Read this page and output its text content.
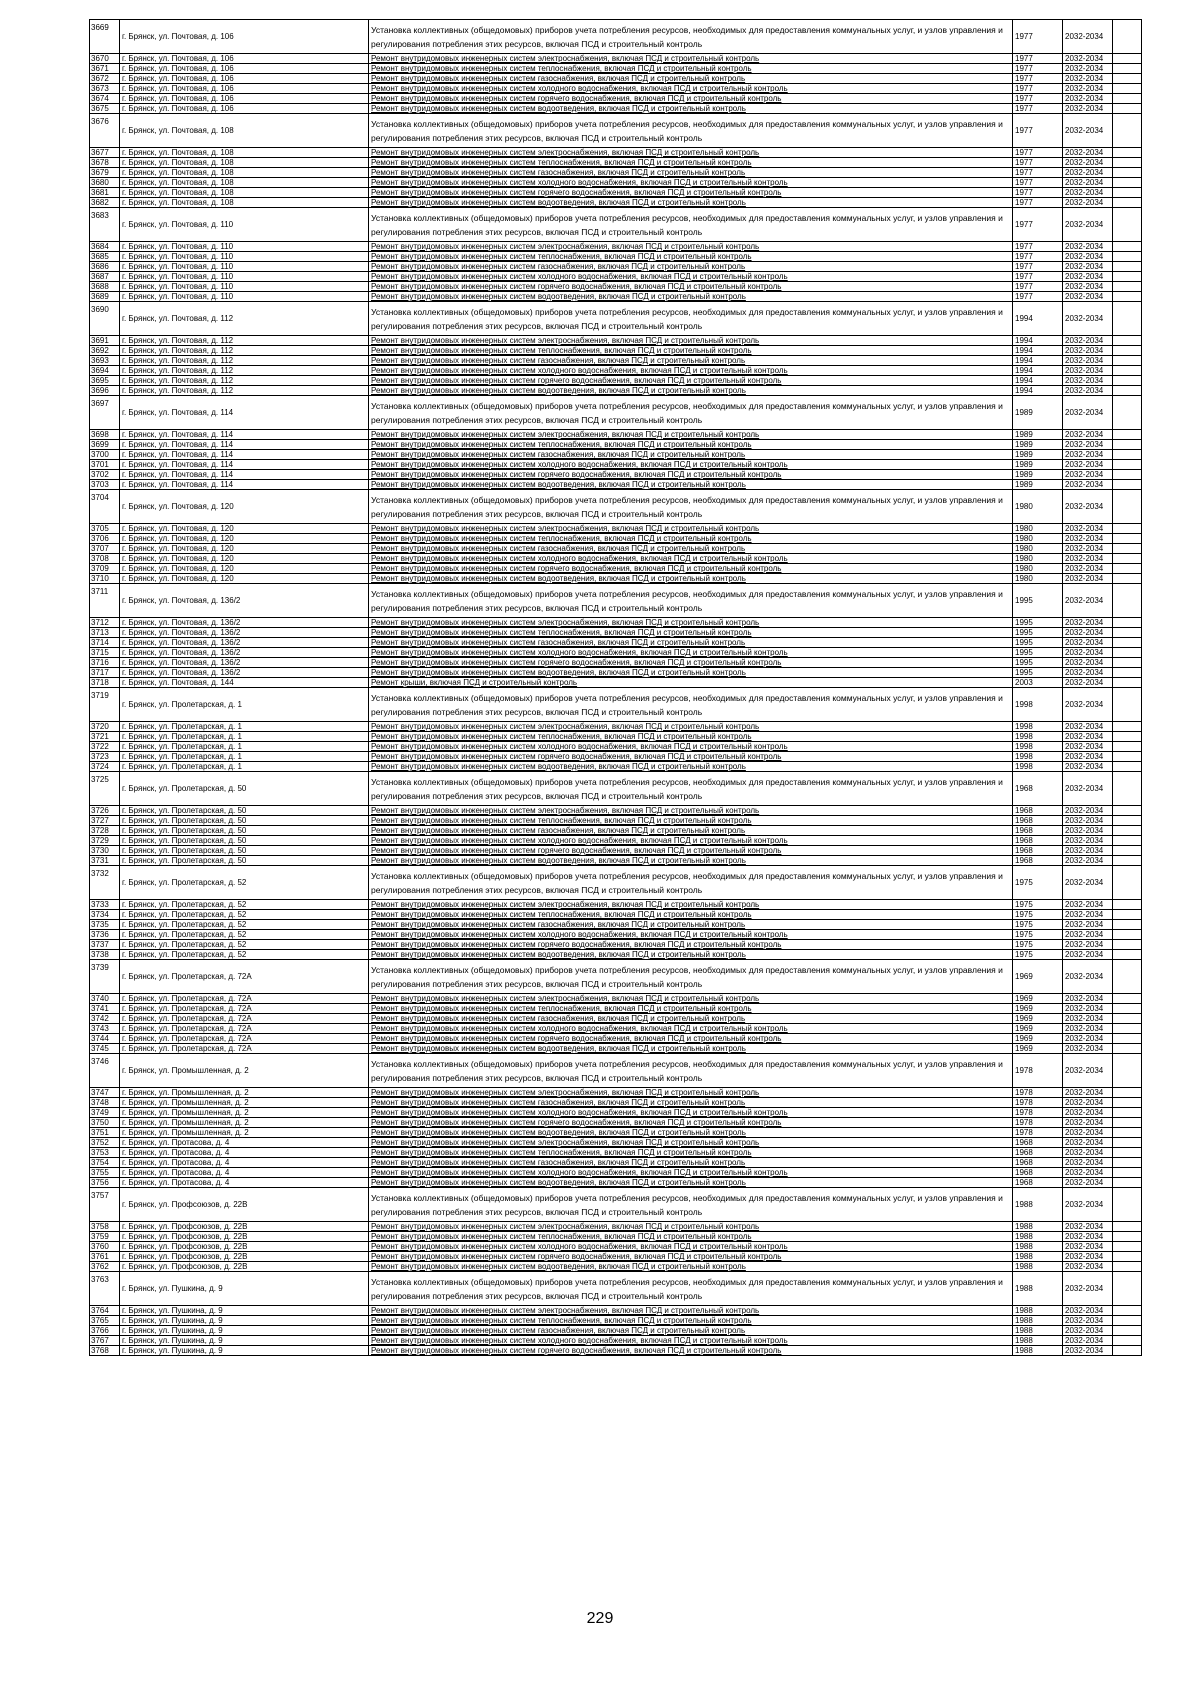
3669	г. Брянск, ул. Почтовая, д. 106	Установка коллективных (общедомовых) приборов учета потребления ресурсов, необходимых для предоставления коммунальных услуг, и узлов управления и регулирования потребления этих ресурсов, включая ПСД и строительный контроль	1977	2032-2034	
3670	г. Брянск, ул. Почтовая, д. 106	Ремонт внутридомовых инженерных систем электроснабжения, включая ПСД и строительный контроль	1977	2032-2034	
3671	г. Брянск, ул. Почтовая, д. 106	Ремонт внутридомовых инженерных систем теплоснабжения, включая ПСД и строительный контроль	1977	2032-2034	
3672	г. Брянск, ул. Почтовая, д. 106	Ремонт внутридомовых инженерных систем газоснабжения, включая ПСД и строительный контроль	1977	2032-2034	
3673	г. Брянск, ул. Почтовая, д. 106	Ремонт внутридомовых инженерных систем холодного водоснабжения, включая ПСД и строительный контроль	1977	2032-2034	
3674	г. Брянск, ул. Почтовая, д. 106	Ремонт внутридомовых инженерных систем горячего водоснабжения, включая ПСД и строительный контроль	1977	2032-2034	
3675	г. Брянск, ул. Почтовая, д. 106	Ремонт внутридомовых инженерных систем водоотведения, включая ПСД и строительный контроль	1977	2032-2034	
3676	г. Брянск, ул. Почтовая, д. 108	Установка коллективных (общедомовых) приборов учета потребления ресурсов, необходимых для предоставления коммунальных услуг, и узлов управления и регулирования потребления этих ресурсов, включая ПСД и строительный контроль	1977	2032-2034	
3677	г. Брянск, ул. Почтовая, д. 108	Ремонт внутридомовых инженерных систем электроснабжения, включая ПСД и строительный контроль	1977	2032-2034	
3678	г. Брянск, ул. Почтовая, д. 108	Ремонт внутридомовых инженерных систем теплоснабжения, включая ПСД и строительный контроль	1977	2032-2034	
3679	г. Брянск, ул. Почтовая, д. 108	Ремонт внутридомовых инженерных систем газоснабжения, включая ПСД и строительный контроль	1977	2032-2034	
3680	г. Брянск, ул. Почтовая, д. 108	Ремонт внутридомовых инженерных систем холодного водоснабжения, включая ПСД и строительный контроль	1977	2032-2034	
3681	г. Брянск, ул. Почтовая, д. 108	Ремонт внутридомовых инженерных систем горячего водоснабжения, включая ПСД и строительный контроль	1977	2032-2034	
3682	г. Брянск, ул. Почтовая, д. 108	Ремонт внутридомовых инженерных систем водоотведения, включая ПСД и строительный контроль	1977	2032-2034	
3683	г. Брянск, ул. Почтовая, д. 110	Установка коллективных (общедомовых) приборов учета потребления ресурсов, необходимых для предоставления коммунальных услуг, и узлов управления и регулирования потребления этих ресурсов, включая ПСД и строительный контроль	1977	2032-2034	
3684	г. Брянск, ул. Почтовая, д. 110	Ремонт внутридомовых инженерных систем электроснабжения, включая ПСД и строительный контроль	1977	2032-2034	
3685	г. Брянск, ул. Почтовая, д. 110	Ремонт внутридомовых инженерных систем теплоснабжения, включая ПСД и строительный контроль	1977	2032-2034	
3686	г. Брянск, ул. Почтовая, д. 110	Ремонт внутридомовых инженерных систем газоснабжения, включая ПСД и строительный контроль	1977	2032-2034	
3687	г. Брянск, ул. Почтовая, д. 110	Ремонт внутридомовых инженерных систем холодного водоснабжения, включая ПСД и строительный контроль	1977	2032-2034	
3688	г. Брянск, ул. Почтовая, д. 110	Ремонт внутридомовых инженерных систем горячего водоснабжения, включая ПСД и строительный контроль	1977	2032-2034	
3689	г. Брянск, ул. Почтовая, д. 110	Ремонт внутридомовых инженерных систем водоотведения, включая ПСД и строительный контроль	1977	2032-2034	
3690	г. Брянск, ул. Почтовая, д. 112	Установка коллективных (общедомовых) приборов учета потребления ресурсов, необходимых для предоставления коммунальных услуг, и узлов управления и регулирования потребления этих ресурсов, включая ПСД и строительный контроль	1994	2032-2034	
3691	г. Брянск, ул. Почтовая, д. 112	Ремонт внутридомовых инженерных систем электроснабжения, включая ПСД и строительный контроль	1994	2032-2034	
3692	г. Брянск, ул. Почтовая, д. 112	Ремонт внутридомовых инженерных систем теплоснабжения, включая ПСД и строительный контроль	1994	2032-2034	
3693	г. Брянск, ул. Почтовая, д. 112	Ремонт внутридомовых инженерных систем газоснабжения, включая ПСД и строительный контроль	1994	2032-2034	
3694	г. Брянск, ул. Почтовая, д. 112	Ремонт внутридомовых инженерных систем холодного водоснабжения, включая ПСД и строительный контроль	1994	2032-2034	
3695	г. Брянск, ул. Почтовая, д. 112	Ремонт внутридомовых инженерных систем горячего водоснабжения, включая ПСД и строительный контроль	1994	2032-2034	
3696	г. Брянск, ул. Почтовая, д. 112	Ремонт внутридомовых инженерных систем водоотведения, включая ПСД и строительный контроль	1994	2032-2034	
3697	г. Брянск, ул. Почтовая, д. 114	Установка коллективных (общедомовых) приборов учета потребления ресурсов, необходимых для предоставления коммунальных услуг, и узлов управления и регулирования потребления этих ресурсов, включая ПСД и строительный контроль	1989	2032-2034	
3698	г. Брянск, ул. Почтовая, д. 114	Ремонт внутридомовых инженерных систем электроснабжения, включая ПСД и строительный контроль	1989	2032-2034	
3699	г. Брянск, ул. Почтовая, д. 114	Ремонт внутридомовых инженерных систем теплоснабжения, включая ПСД и строительный контроль	1989	2032-2034	
3700	г. Брянск, ул. Почтовая, д. 114	Ремонт внутридомовых инженерных систем газоснабжения, включая ПСД и строительный контроль	1989	2032-2034	
3701	г. Брянск, ул. Почтовая, д. 114	Ремонт внутридомовых инженерных систем холодного водоснабжения, включая ПСД и строительный контроль	1989	2032-2034	
3702	г. Брянск, ул. Почтовая, д. 114	Ремонт внутридомовых инженерных систем горячего водоснабжения, включая ПСД и строительный контроль	1989	2032-2034	
3703	г. Брянск, ул. Почтовая, д. 114	Ремонт внутридомовых инженерных систем водоотведения, включая ПСД и строительный контроль	1989	2032-2034	
3704	г. Брянск, ул. Почтовая, д. 120	Установка коллективных (общедомовых) приборов учета потребления ресурсов, необходимых для предоставления коммунальных услуг, и узлов управления и регулирования потребления этих ресурсов, включая ПСД и строительный контроль	1980	2032-2034	
3705	г. Брянск, ул. Почтовая, д. 120	Ремонт внутридомовых инженерных систем электроснабжения, включая ПСД и строительный контроль	1980	2032-2034	
3706	г. Брянск, ул. Почтовая, д. 120	Ремонт внутридомовых инженерных систем теплоснабжения, включая ПСД и строительный контроль	1980	2032-2034	
3707	г. Брянск, ул. Почтовая, д. 120	Ремонт внутридомовых инженерных систем газоснабжения, включая ПСД и строительный контроль	1980	2032-2034	
3708	г. Брянск, ул. Почтовая, д. 120	Ремонт внутридомовых инженерных систем холодного водоснабжения, включая ПСД и строительный контроль	1980	2032-2034	
3709	г. Брянск, ул. Почтовая, д. 120	Ремонт внутридомовых инженерных систем горячего водоснабжения, включая ПСД и строительный контроль	1980	2032-2034	
3710	г. Брянск, ул. Почтовая, д. 120	Ремонт внутридомовых инженерных систем водоотведения, включая ПСД и строительный контроль	1980	2032-2034	
3711	г. Брянск, ул. Почтовая, д. 136/2	Установка коллективных (общедомовых) приборов учета потребления ресурсов, необходимых для предоставления коммунальных услуг, и узлов управления и регулирования потребления этих ресурсов, включая ПСД и строительный контроль	1995	2032-2034	
3712	г. Брянск, ул. Почтовая, д. 136/2	Ремонт внутридомовых инженерных систем электроснабжения, включая ПСД и строительный контроль	1995	2032-2034	
3713	г. Брянск, ул. Почтовая, д. 136/2	Ремонт внутридомовых инженерных систем теплоснабжения, включая ПСД и строительный контроль	1995	2032-2034	
3714	г. Брянск, ул. Почтовая, д. 136/2	Ремонт внутридомовых инженерных систем газоснабжения, включая ПСД и строительный контроль	1995	2032-2034	
3715	г. Брянск, ул. Почтовая, д. 136/2	Ремонт внутридомовых инженерных систем холодного водоснабжения, включая ПСД и строительный контроль	1995	2032-2034	
3716	г. Брянск, ул. Почтовая, д. 136/2	Ремонт внутридомовых инженерных систем горячего водоснабжения, включая ПСД и строительный контроль	1995	2032-2034	
3717	г. Брянск, ул. Почтовая, д. 136/2	Ремонт внутридомовых инженерных систем водоотведения, включая ПСД и строительный контроль	1995	2032-2034	
3718	г. Брянск, ул. Почтовая, д. 144	Ремонт крыши, включая ПСД и строительный контроль	2003	2032-2034	
3719	г. Брянск, ул. Пролетарская, д. 1	Установка коллективных (общедомовых) приборов учета потребления ресурсов, необходимых для предоставления коммунальных услуг, и узлов управления и регулирования потребления этих ресурсов, включая ПСД и строительный контроль	1998	2032-2034	
3720	г. Брянск, ул. Пролетарская, д. 1	Ремонт внутридомовых инженерных систем электроснабжения, включая ПСД и строительный контроль	1998	2032-2034	
3721	г. Брянск, ул. Пролетарская, д. 1	Ремонт внутридомовых инженерных систем теплоснабжения, включая ПСД и строительный контроль	1998	2032-2034	
3722	г. Брянск, ул. Пролетарская, д. 1	Ремонт внутридомовых инженерных систем холодного водоснабжения, включая ПСД и строительный контроль	1998	2032-2034	
3723	г. Брянск, ул. Пролетарская, д. 1	Ремонт внутридомовых инженерных систем горячего водоснабжения, включая ПСД и строительный контроль	1998	2032-2034	
3724	г. Брянск, ул. Пролетарская, д. 1	Ремонт внутридомовых инженерных систем водоотведения, включая ПСД и строительный контроль	1998	2032-2034	
3725	г. Брянск, ул. Пролетарская, д. 50	Установка коллективных (общедомовых) приборов учета потребления ресурсов, необходимых для предоставления коммунальных услуг, и узлов управления и регулирования потребления этих ресурсов, включая ПСД и строительный контроль	1968	2032-2034	
3726	г. Брянск, ул. Пролетарская, д. 50	Ремонт внутридомовых инженерных систем электроснабжения, включая ПСД и строительный контроль	1968	2032-2034	
3727	г. Брянск, ул. Пролетарская, д. 50	Ремонт внутридомовых инженерных систем теплоснабжения, включая ПСД и строительный контроль	1968	2032-2034	
3728	г. Брянск, ул. Пролетарская, д. 50	Ремонт внутридомовых инженерных систем газоснабжения, включая ПСД и строительный контроль	1968	2032-2034	
3729	г. Брянск, ул. Пролетарская, д. 50	Ремонт внутридомовых инженерных систем холодного водоснабжения, включая ПСД и строительный контроль	1968	2032-2034	
3730	г. Брянск, ул. Пролетарская, д. 50	Ремонт внутридомовых инженерных систем горячего водоснабжения, включая ПСД и строительный контроль	1968	2032-2034	
3731	г. Брянск, ул. Пролетарская, д. 50	Ремонт внутридомовых инженерных систем водоотведения, включая ПСД и строительный контроль	1968	2032-2034	
3732	г. Брянск, ул. Пролетарская, д. 52	Установка коллективных (общедомовых) приборов учета потребления ресурсов, необходимых для предоставления коммунальных услуг, и узлов управления и регулирования потребления этих ресурсов, включая ПСД и строительный контроль	1975	2032-2034	
3733	г. Брянск, ул. Пролетарская, д. 52	Ремонт внутридомовых инженерных систем электроснабжения, включая ПСД и строительный контроль	1975	2032-2034	
3734	г. Брянск, ул. Пролетарская, д. 52	Ремонт внутридомовых инженерных систем теплоснабжения, включая ПСД и строительный контроль	1975	2032-2034	
3735	г. Брянск, ул. Пролетарская, д. 52	Ремонт внутридомовых инженерных систем газоснабжения, включая ПСД и строительный контроль	1975	2032-2034	
3736	г. Брянск, ул. Пролетарская, д. 52	Ремонт внутридомовых инженерных систем холодного водоснабжения, включая ПСД и строительный контроль	1975	2032-2034	
3737	г. Брянск, ул. Пролетарская, д. 52	Ремонт внутридомовых инженерных систем горячего водоснабжения, включая ПСД и строительный контроль	1975	2032-2034	
3738	г. Брянск, ул. Пролетарская, д. 52	Ремонт внутридомовых инженерных систем водоотведения, включая ПСД и строительный контроль	1975	2032-2034	
3739	г. Брянск, ул. Пролетарская, д. 72А	Установка коллективных (общедомовых) приборов учета потребления ресурсов, необходимых для предоставления коммунальных услуг, и узлов управления и регулирования потребления этих ресурсов, включая ПСД и строительный контроль	1969	2032-2034	
3740	г. Брянск, ул. Пролетарская, д. 72А	Ремонт внутридомовых инженерных систем электроснабжения, включая ПСД и строительный контроль	1969	2032-2034	
3741	г. Брянск, ул. Пролетарская, д. 72А	Ремонт внутридомовых инженерных систем теплоснабжения, включая ПСД и строительный контроль	1969	2032-2034	
3742	г. Брянск, ул. Пролетарская, д. 72А	Ремонт внутридомовых инженерных систем газоснабжения, включая ПСД и строительный контроль	1969	2032-2034	
3743	г. Брянск, ул. Пролетарская, д. 72А	Ремонт внутридомовых инженерных систем холодного водоснабжения, включая ПСД и строительный контроль	1969	2032-2034	
3744	г. Брянск, ул. Пролетарская, д. 72А	Ремонт внутридомовых инженерных систем горячего водоснабжения, включая ПСД и строительный контроль	1969	2032-2034	
3745	г. Брянск, ул. Пролетарская, д. 72А	Ремонт внутридомовых инженерных систем водоотведения, включая ПСД и строительный контроль	1969	2032-2034	
3746	г. Брянск, ул. Промышленная, д. 2	Установка коллективных (общедомовых) приборов учета потребления ресурсов, необходимых для предоставления коммунальных услуг, и узлов управления и регулирования потребления этих ресурсов, включая ПСД и строительный контроль	1978	2032-2034	
3747	г. Брянск, ул. Промышленная, д. 2	Ремонт внутридомовых инженерных систем электроснабжения, включая ПСД и строительный контроль	1978	2032-2034	
3748	г. Брянск, ул. Промышленная, д. 2	Ремонт внутридомовых инженерных систем газоснабжения, включая ПСД и строительный контроль	1978	2032-2034	
3749	г. Брянск, ул. Промышленная, д. 2	Ремонт внутридомовых инженерных систем холодного водоснабжения, включая ПСД и строительный контроль	1978	2032-2034	
3750	г. Брянск, ул. Промышленная, д. 2	Ремонт внутридомовых инженерных систем горячего водоснабжения, включая ПСД и строительный контроль	1978	2032-2034	
3751	г. Брянск, ул. Промышленная, д. 2	Ремонт внутридомовых инженерных систем водоотведения, включая ПСД и строительный контроль	1978	2032-2034	
3752	г. Брянск, ул. Протасова, д. 4	Ремонт внутридомовых инженерных систем электроснабжения, включая ПСД и строительный контроль	1968	2032-2034	
3753	г. Брянск, ул. Протасова, д. 4	Ремонт внутридомовых инженерных систем теплоснабжения, включая ПСД и строительный контроль	1968	2032-2034	
3754	г. Брянск, ул. Протасова, д. 4	Ремонт внутридомовых инженерных систем газоснабжения, включая ПСД и строительный контроль	1968	2032-2034	
3755	г. Брянск, ул. Протасова, д. 4	Ремонт внутридомовых инженерных систем холодного водоснабжения, включая ПСД и строительный контроль	1968	2032-2034	
3756	г. Брянск, ул. Протасова, д. 4	Ремонт внутридомовых инженерных систем водоотведения, включая ПСД и строительный контроль	1968	2032-2034	
3757	г. Брянск, ул. Профсоюзов, д. 22В	Установка коллективных (общедомовых) приборов учета потребления ресурсов, необходимых для предоставления коммунальных услуг, и узлов управления и регулирования потребления этих ресурсов, включая ПСД и строительный контроль	1988	2032-2034	
3758	г. Брянск, ул. Профсоюзов, д. 22В	Ремонт внутридомовых инженерных систем электроснабжения, включая ПСД и строительный контроль	1988	2032-2034	
3759	г. Брянск, ул. Профсоюзов, д. 22В	Ремонт внутридомовых инженерных систем теплоснабжения, включая ПСД и строительный контроль	1988	2032-2034	
3760	г. Брянск, ул. Профсоюзов, д. 22В	Ремонт внутридомовых инженерных систем холодного водоснабжения, включая ПСД и строительный контроль	1988	2032-2034	
3761	г. Брянск, ул. Профсоюзов, д. 22В	Ремонт внутридомовых инженерных систем горячего водоснабжения, включая ПСД и строительный контроль	1988	2032-2034	
3762	г. Брянск, ул. Профсоюзов, д. 22В	Ремонт внутридомовых инженерных систем водоотведения, включая ПСД и строительный контроль	1988	2032-2034	
3763	г. Брянск, ул. Пушкина, д. 9	Установка коллективных (общедомовых) приборов учета потребления ресурсов, необходимых для предоставления коммунальных услуг, и узлов управления и регулирования потребления этих ресурсов, включая ПСД и строительный контроль	1988	2032-2034	
3764	г. Брянск, ул. Пушкина, д. 9	Ремонт внутридомовых инженерных систем электроснабжения, включая ПСД и строительный контроль	1988	2032-2034	
3765	г. Брянск, ул. Пушкина, д. 9	Ремонт внутридомовых инженерных систем теплоснабжения, включая ПСД и строительный контроль	1988	2032-2034	
3766	г. Брянск, ул. Пушкина, д. 9	Ремонт внутридомовых инженерных систем газоснабжения, включая ПСД и строительный контроль	1988	2032-2034	
3767	г. Брянск, ул. Пушкина, д. 9	Ремонт внутридомовых инженерных систем холодного водоснабжения, включая ПСД и строительный контроль	1988	2032-2034	
3768	г. Брянск, ул. Пушкина, д. 9	Ремонт внутридомовых инженерных систем горячего водоснабжения, включая ПСД и строительный контроль	1988	2032-2034	
229
